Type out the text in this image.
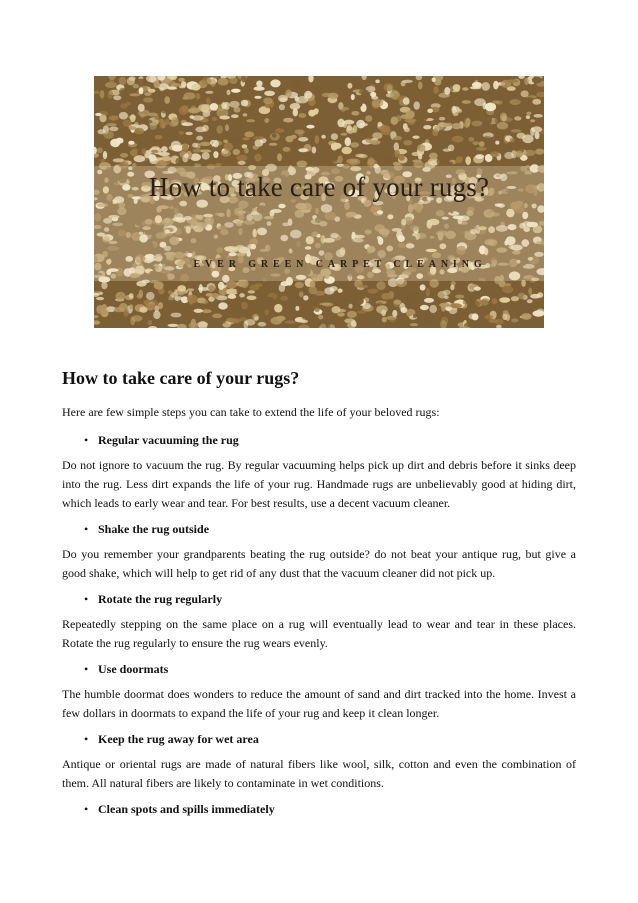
How to take care of your rugs?
EVER GREEN CARPET CLEANING
How to take care of your rugs?

Here are few simple steps you can take to extend the life of your beloved rugs:

• Regular vacuuming the rug

Do not ignore to vacuum the rug. By regular vacuuming helps pick up dirt and debris before it sinks deep into the rug. Less dirt expands the life of your rug. Handmade rugs are unbelievably good at hiding dirt, which leads to early wear and tear. For best results, use a decent vacuum cleaner.

• Shake the rug outside

Do you remember your grandparents beating the rug outside? do not beat your antique rug, but give a good shake, which will help to get rid of any dust that the vacuum cleaner did not pick up.

• Rotate the rug regularly

Repeatedly stepping on the same place on a rug will eventually lead to wear and tear in these places. Rotate the rug regularly to ensure the rug wears evenly.

• Use doormats

The humble doormat does wonders to reduce the amount of sand and dirt tracked into the home. Invest a few dollars in doormats to expand the life of your rug and keep it clean longer.

• Keep the rug away for wet area

Antique or oriental rugs are made of natural fibers like wool, silk, cotton and even the combination of them. All natural fibers are likely to contaminate in wet conditions.

• Clean spots and spills immediately
